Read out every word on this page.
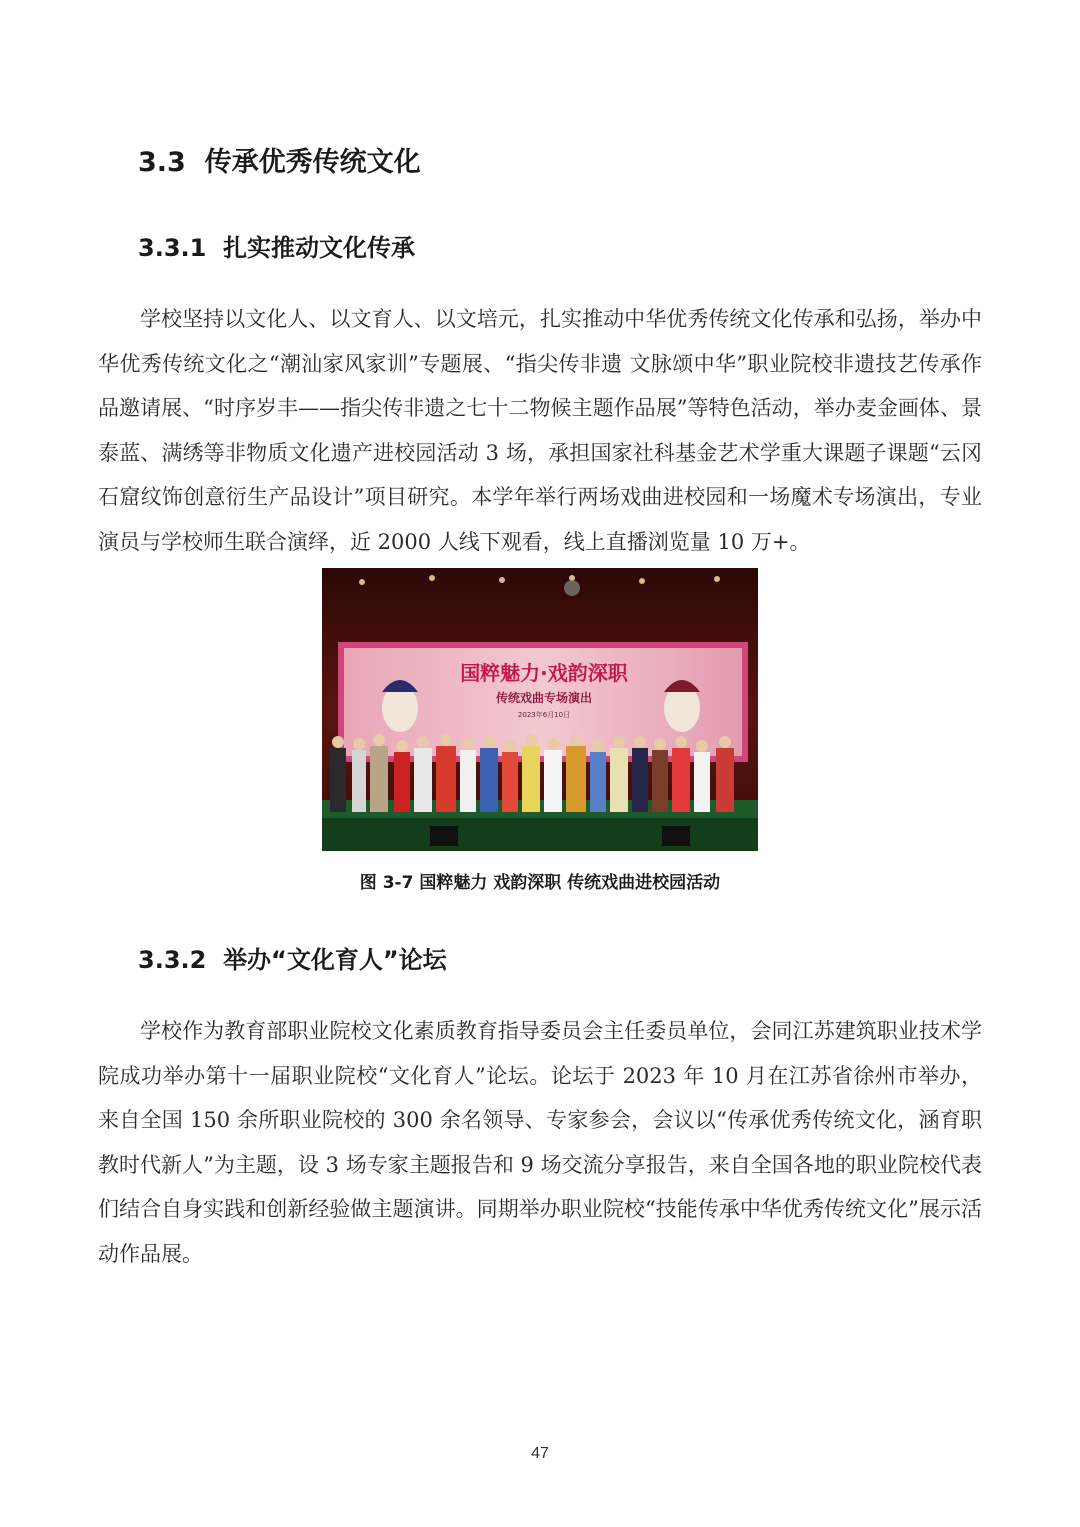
3.3 传承优秀传统文化
3.3.1 扎实推动文化传承
学校坚持以文化人、以文育人、以文培元，扎实推动中华优秀传统文化传承和弘扬，举办中华优秀传统文化之“潮汕家风家训”专题展、“指尖传非遗 文脉颂中华”职业院校非遗技艺传承作品邀请展、“时序岁丰——指尖传非遗之七十二物候主题作品展”等特色活动，举办麦金画体、景泰蓝、满绣等非物质文化遗产进校园活动 3 场，承担国家社科基金艺术学重大课题子课题“云冈石窟纹饰创意衍生产品设计”项目研究。本学年举行两场戏曲进校园和一场魔术专场演出，专业演员与学校师生联合演绎，近 2000 人线下观看，线上直播浏览量 10 万+。
国粹魅力·戏韵深职
传统戏曲专场演出
2023年6月10日
图 3-7 国粹魅力 戏韵深职 传统戏曲进校园活动
3.3.2 举办“文化育人”论坛
学校作为教育部职业院校文化素质教育指导委员会主任委员单位，会同江苏建筑职业技术学院成功举办第十一届职业院校“文化育人”论坛。论坛于 2023 年 10 月在江苏省徐州市举办，来自全国 150 余所职业院校的 300 余名领导、专家参会，会议以“传承优秀传统文化，涵育职教时代新人”为主题，设 3 场专家主题报告和 9 场交流分享报告，来自全国各地的职业院校代表们结合自身实践和创新经验做主题演讲。同期举办职业院校“技能传承中华优秀传统文化”展示活动作品展。
47
